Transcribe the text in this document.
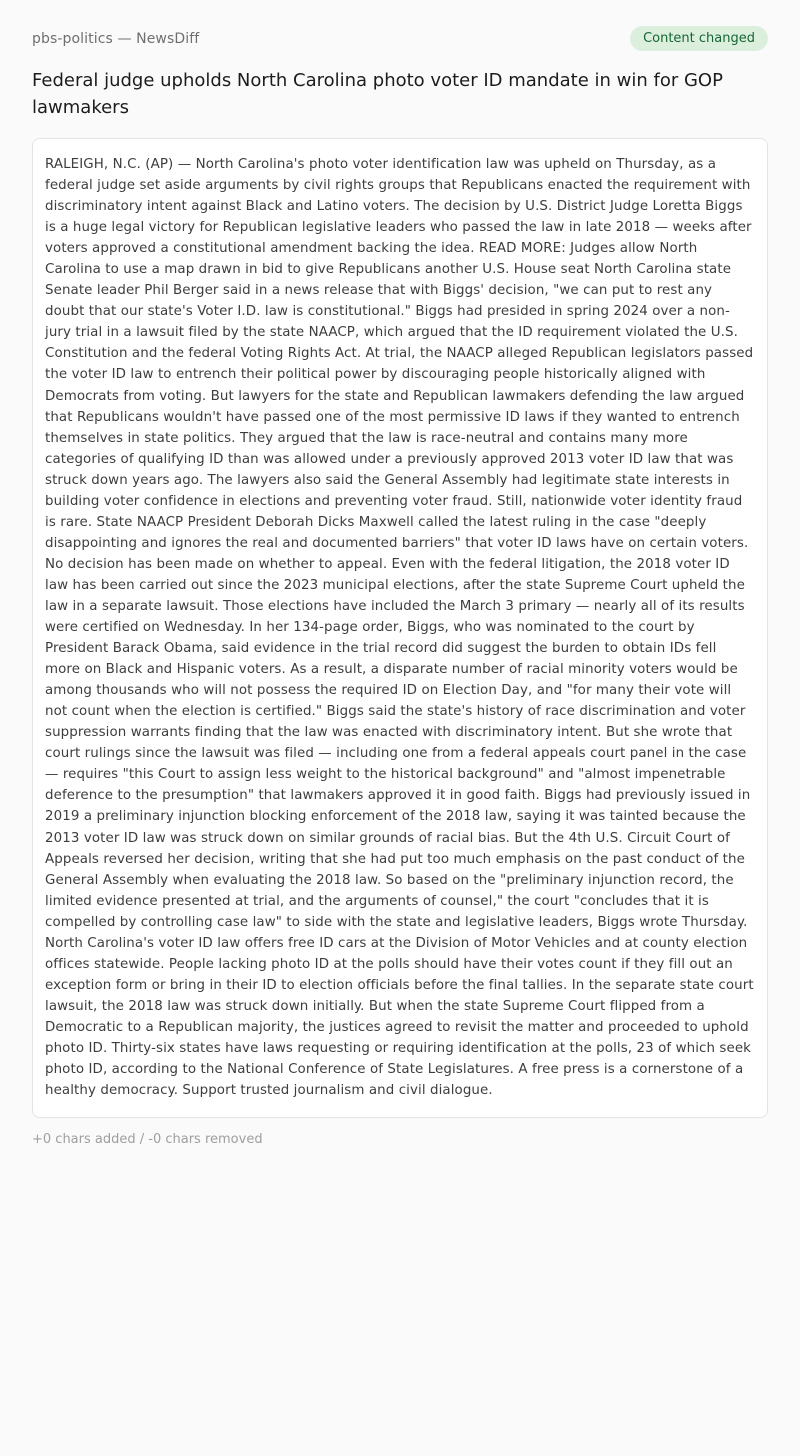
pbs-politics — NewsDiff	Content changed
Federal judge upholds North Carolina photo voter ID mandate in win for GOP lawmakers

RALEIGH, N.C. (AP) — North Carolina's photo voter identification law was upheld on Thursday, as a federal judge set aside arguments by civil rights groups that Republicans enacted the requirement with discriminatory intent against Black and Latino voters. The decision by U.S. District Judge Loretta Biggs is a huge legal victory for Republican legislative leaders who passed the law in late 2018 — weeks after voters approved a constitutional amendment backing the idea. READ MORE: Judges allow North Carolina to use a map drawn in bid to give Republicans another U.S. House seat North Carolina state Senate leader Phil Berger said in a news release that with Biggs' decision, "we can put to rest any doubt that our state's Voter I.D. law is constitutional." Biggs had presided in spring 2024 over a non-jury trial in a lawsuit filed by the state NAACP, which argued that the ID requirement violated the U.S. Constitution and the federal Voting Rights Act. At trial, the NAACP alleged Republican legislators passed the voter ID law to entrench their political power by discouraging people historically aligned with Democrats from voting. But lawyers for the state and Republican lawmakers defending the law argued that Republicans wouldn't have passed one of the most permissive ID laws if they wanted to entrench themselves in state politics. They argued that the law is race-neutral and contains many more categories of qualifying ID than was allowed under a previously approved 2013 voter ID law that was struck down years ago. The lawyers also said the General Assembly had legitimate state interests in building voter confidence in elections and preventing voter fraud. Still, nationwide voter identity fraud is rare. State NAACP President Deborah Dicks Maxwell called the latest ruling in the case "deeply disappointing and ignores the real and documented barriers" that voter ID laws have on certain voters. No decision has been made on whether to appeal. Even with the federal litigation, the 2018 voter ID law has been carried out since the 2023 municipal elections, after the state Supreme Court upheld the law in a separate lawsuit. Those elections have included the March 3 primary — nearly all of its results were certified on Wednesday. In her 134-page order, Biggs, who was nominated to the court by President Barack Obama, said evidence in the trial record did suggest the burden to obtain IDs fell more on Black and Hispanic voters. As a result, a disparate number of racial minority voters would be among thousands who will not possess the required ID on Election Day, and "for many their vote will not count when the election is certified." Biggs said the state's history of race discrimination and voter suppression warrants finding that the law was enacted with discriminatory intent. But she wrote that court rulings since the lawsuit was filed — including one from a federal appeals court panel in the case — requires "this Court to assign less weight to the historical background" and "almost impenetrable deference to the presumption" that lawmakers approved it in good faith. Biggs had previously issued in 2019 a preliminary injunction blocking enforcement of the 2018 law, saying it was tainted because the 2013 voter ID law was struck down on similar grounds of racial bias. But the 4th U.S. Circuit Court of Appeals reversed her decision, writing that she had put too much emphasis on the past conduct of the General Assembly when evaluating the 2018 law. So based on the "preliminary injunction record, the limited evidence presented at trial, and the arguments of counsel," the court "concludes that it is compelled by controlling case law" to side with the state and legislative leaders, Biggs wrote Thursday. North Carolina's voter ID law offers free ID cars at the Division of Motor Vehicles and at county election offices statewide. People lacking photo ID at the polls should have their votes count if they fill out an exception form or bring in their ID to election officials before the final tallies. In the separate state court lawsuit, the 2018 law was struck down initially. But when the state Supreme Court flipped from a Democratic to a Republican majority, the justices agreed to revisit the matter and proceeded to uphold photo ID. Thirty-six states have laws requesting or requiring identification at the polls, 23 of which seek photo ID, according to the National Conference of State Legislatures. A free press is a cornerstone of a healthy democracy. Support trusted journalism and civil dialogue.

+0 chars added / -0 chars removed
